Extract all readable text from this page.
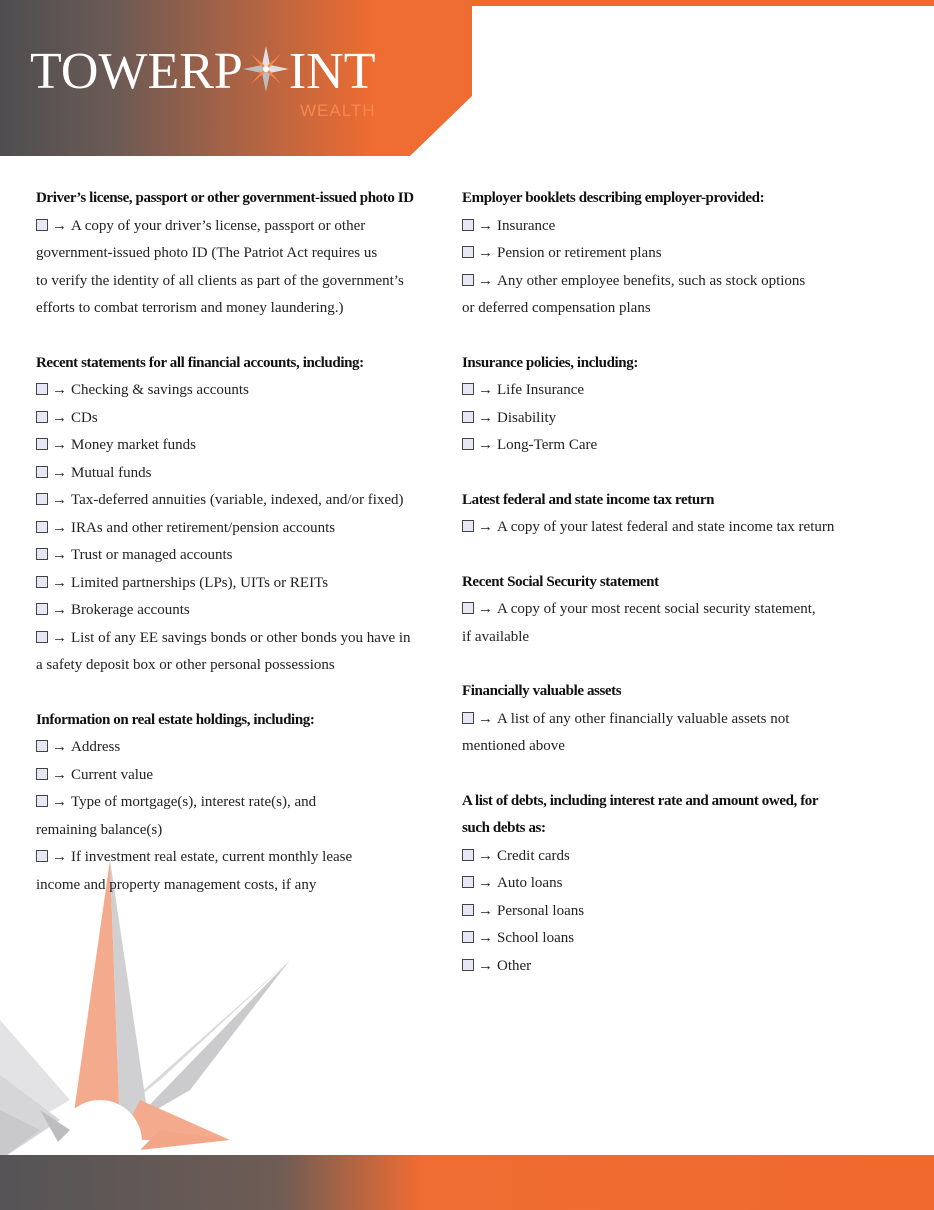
TOWERP INT
WEALTH
LIST OF NEEDED DOCUMENTS
Driver’s license, passport or other government-issued photo ID
→ A copy of your driver’s license, passport or other
government-issued photo ID (The Patriot Act requires us
to verify the identity of all clients as part of the government’s
efforts to combat terrorism and money laundering.)
Recent statements for all financial accounts, including:
→ Checking & savings accounts
→ CDs
→ Money market funds
→ Mutual funds
→ Tax-deferred annuities (variable, indexed, and/or fixed)
→ IRAs and other retirement/pension accounts
→ Trust or managed accounts
→ Limited partnerships (LPs), UITs or REITs
→ Brokerage accounts
→ List of any EE savings bonds or other bonds you have in
a safety deposit box or other personal possessions
Information on real estate holdings, including:
→ Address
→ Current value
→ Type of mortgage(s), interest rate(s), and
remaining balance(s)
→ If investment real estate, current monthly lease
income and property management costs, if any
Employer booklets describing employer-provided:
→ Insurance
→ Pension or retirement plans
→ Any other employee benefits, such as stock options
or deferred compensation plans
Insurance policies, including:
→ Life Insurance
→ Disability
→ Long-Term Care
Latest federal and state income tax return
→ A copy of your latest federal and state income tax return
Recent Social Security statement
→ A copy of your most recent social security statement,
if available
Financially valuable assets
→ A list of any other financially valuable assets not
mentioned above
A list of debts, including interest rate and amount owed, for
such debts as:
→ Credit cards
→ Auto loans
→ Personal loans
→ School loans
→ Other
